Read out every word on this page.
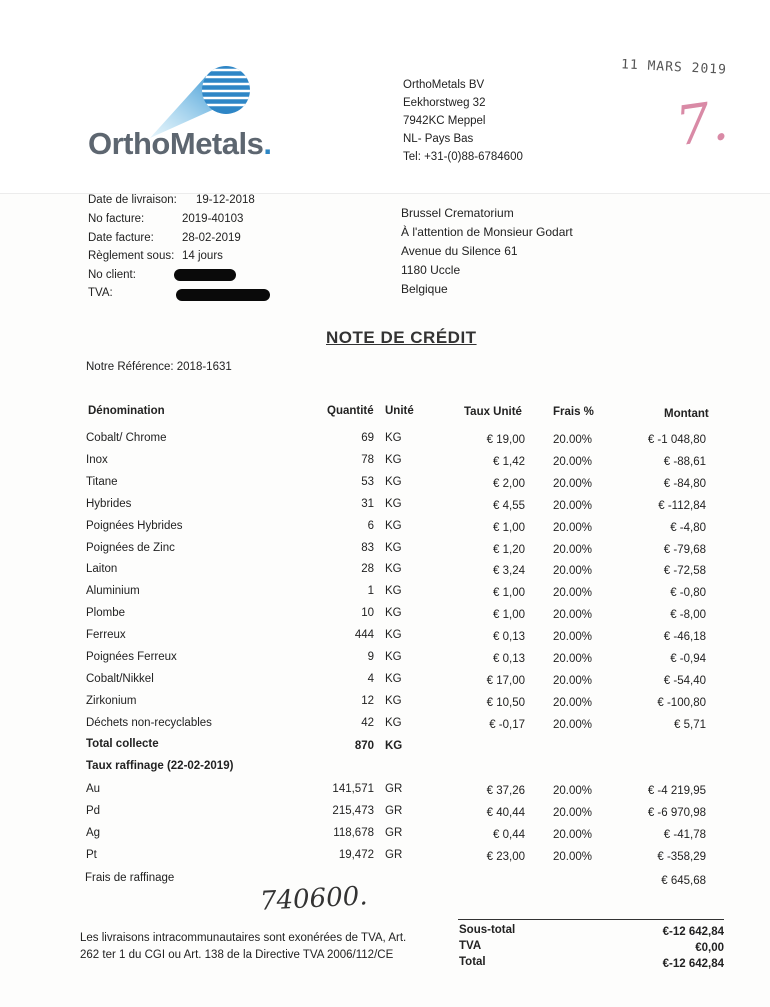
OrthoMetals.
OrthoMetals BV
Eekhorstweg 32
7942KC Meppel
NL- Pays Bas
Tel: +31-(0)88-6784600
11 MARS 2019
7.
Date de livraison: 19-12-2018
No facture:	2019-40103
Date facture: 28-02-2019
Règlement sous: 14 jours
No client:
TVA:
Brussel Crematorium
À l'attention de Monsieur Godart
Avenue du Silence 61
1180 Uccle
Belgique
NOTE DE CRÉDIT
Notre Référence: 2018-1631
Dénomination	Quantité Unité	Taux Unité	Frais %	Montant
Cobalt/ Chrome	69 KG	€ 19,00 20.00%	€ -1 048,80
Inox	78 KG	€ 1,42 20.00%	€ -88,61
Titane	53 KG	€ 2,00 20.00%	€ -84,80
Hybrides	31 KG	€ 4,55 20.00%	€ -112,84
Poignées Hybrides	6 KG	€ 1,00 20.00%	€ -4,80
Poignées de Zinc	83 KG	€ 1,20 20.00%	€ -79,68
Laiton	28 KG	€ 3,24 20.00%	€ -72,58
Aluminium	1 KG	€ 1,00 20.00%	€ -0,80
Plombe	10 KG	€ 1,00 20.00%	€ -8,00
Ferreux	444 KG	€ 0,13 20.00%	€ -46,18
Poignées Ferreux	9 KG	€ 0,13 20.00%	€ -0,94
Cobalt/Nikkel	4 KG	€ 17,00 20.00%	€ -54,40
Zirkonium	12 KG	€ 10,50 20.00%	€ -100,80
Déchets non-recyclables	42 KG	€ -0,17 20.00%	€ 5,71
Total collecte	870 KG
Taux raffinage (22-02-2019)
Au	141,571 GR	€ 37,26 20.00%	€ -4 219,95
Pd	215,473 GR	€ 40,44 20.00%	€ -6 970,98
Ag	118,678 GR	€ 0,44 20.00%	€ -41,78
Pt	19,472 GR	€ 23,00 20.00%	€ -358,29
Frais de raffinage	€ 645,68
740600.
Les livraisons intracommunautaires sont exonérées de TVA, Art.
262 ter 1 du CGI ou Art. 138 de la Directive TVA 2006/112/CE
Sous-total	€-12 642,84
TVA	€0,00
Total	€-12 642,84
